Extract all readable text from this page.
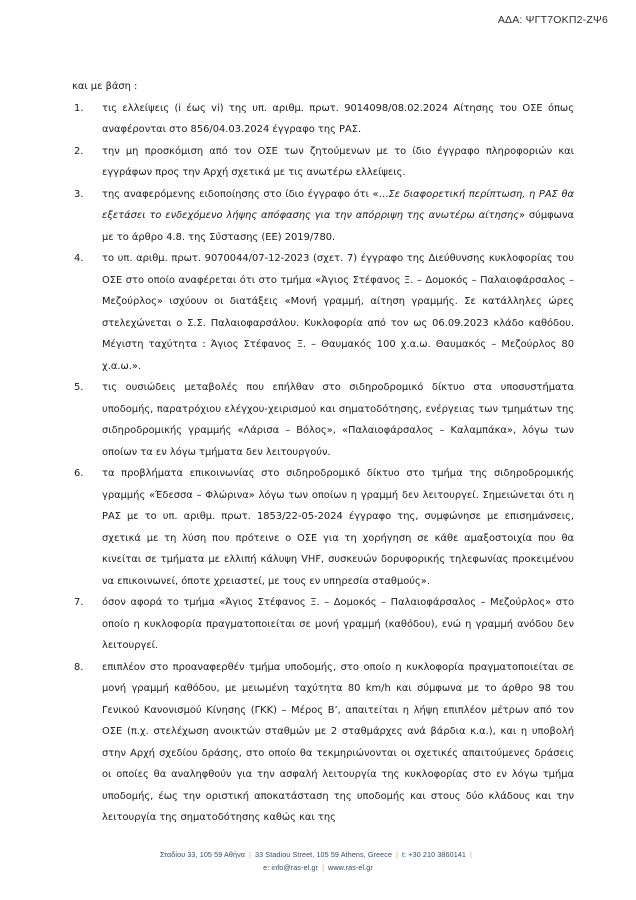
ΑΔΑ: ΨΓΤ7ΟΚΠ2-ΖΨ6
και με βάση :
τις ελλείψεις (i έως vi) της υπ. αριθμ. πρωτ. 9014098/08.02.2024 Αίτησης του ΟΣΕ όπως αναφέρονται στο 856/04.03.2024 έγγραφο της ΡΑΣ.
την μη προσκόμιση από τον ΟΣΕ των ζητούμενων με το ίδιο έγγραφο πληροφοριών και εγγράφων προς την Αρχή σχετικά με τις ανωτέρω ελλείψεις.
της αναφερόμενης ειδοποίησης στο ίδιο έγγραφο ότι «…Σε διαφορετική περίπτωση, η ΡΑΣ θα εξετάσει το ενδεχόμενο λήψης απόφασης για την απόρριψη της ανωτέρω αίτησης» σύμφωνα με το άρθρο 4.8. της Σύστασης (ΕΕ) 2019/780.
το υπ. αριθμ. πρωτ. 9070044/07-12-2023 (σχετ. 7) έγγραφο της Διεύθυνσης κυκλοφορίας του ΟΣΕ στο οποίο αναφέρεται ότι στο τμήμα «Άγιος Στέφανος Ξ. – Δομοκός – Παλαιοφάρσαλος – Μεζούρλος» ισχύουν οι διατάξεις «Μονή γραμμή, αίτηση γραμμής. Σε κατάλληλες ώρες στελεχώνεται ο Σ.Σ. Παλαιοφαρσάλου. Κυκλοφορία από τον ως 06.09.2023 κλάδο καθόδου. Μέγιστη ταχύτητα : Άγιος Στέφανος Ξ. – Θαυμακός 100 χ.α.ω. Θαυμακός – Μεζούρλος 80 χ.α.ω.».
τις ουσιώδεις μεταβολές που επήλθαν στο σιδηροδρομικό δίκτυο στα υποσυστήματα υποδομής, παρατρόχιου ελέγχου-χειρισμού και σηματοδότησης, ενέργειας των τμημάτων της σιδηροδρομικής γραμμής «Λάρισα – Βόλος», «Παλαιοφάρσαλος – Καλαμπάκα», λόγω των οποίων τα εν λόγω τμήματα δεν λειτουργούν.
τα προβλήματα επικοινωνίας στο σιδηροδρομικό δίκτυο στο τμήμα της σιδηροδρομικής γραμμής «Έδεσσα – Φλώρινα» λόγω των οποίων η γραμμή δεν λειτουργεί. Σημειώνεται ότι η ΡΑΣ με το υπ. αριθμ. πρωτ. 1853/22-05-2024 έγγραφο της, συμφώνησε με επισημάνσεις, σχετικά με τη λύση που πρότεινε ο ΟΣΕ για τη χορήγηση σε κάθε αμαξοστοιχία που θα κινείται σε τμήματα με ελλιπή κάλυψη VHF, συσκευών δορυφορικής τηλεφωνίας προκειμένου να επικοινωνεί, όποτε χρειαστεί, με τους εν υπηρεσία σταθμούς».
όσον αφορά το τμήμα «Άγιος Στέφανος Ξ. – Δομοκός – Παλαιοφάρσαλος – Μεζούρλος» στο οποίο η κυκλοφορία πραγματοποιείται σε μονή γραμμή (καθόδου), ενώ η γραμμή ανόδου δεν λειτουργεί.
επιπλέον στο προαναφερθέν τμήμα υποδομής, στο οποίο η κυκλοφορία πραγματοποιείται σε μονή γραμμή καθόδου, με μειωμένη ταχύτητα 80 km/h και σύμφωνα με το άρθρο 98 του Γενικού Κανονισμού Κίνησης (ΓΚΚ) – Μέρος Β’, απαιτείται η λήψη επιπλέον μέτρων από τον ΟΣΕ (π.χ. στελέχωση ανοικτών σταθμών με 2 σταθμάρχες ανά βάρδια κ.α.), και η υποβολή στην Αρχή σχεδίου δράσης, στο οποίο θα τεκμηριώνονται οι σχετικές απαιτούμενες δράσεις οι οποίες θα αναληφθούν για την ασφαλή λειτουργία της κυκλοφορίας στο εν λόγω τμήμα υποδομής, έως την οριστική αποκατάσταση της υποδομής και στους δύο κλάδους και την λειτουργία της σηματοδότησης καθώς και της
Σταδίου 33, 105 59 Αθήνα | 33 Stadiou Street, 105 59 Athens, Greece | t: +30 210 3860141 |
e: info@ras-el.gr | www.ras-el.gr
